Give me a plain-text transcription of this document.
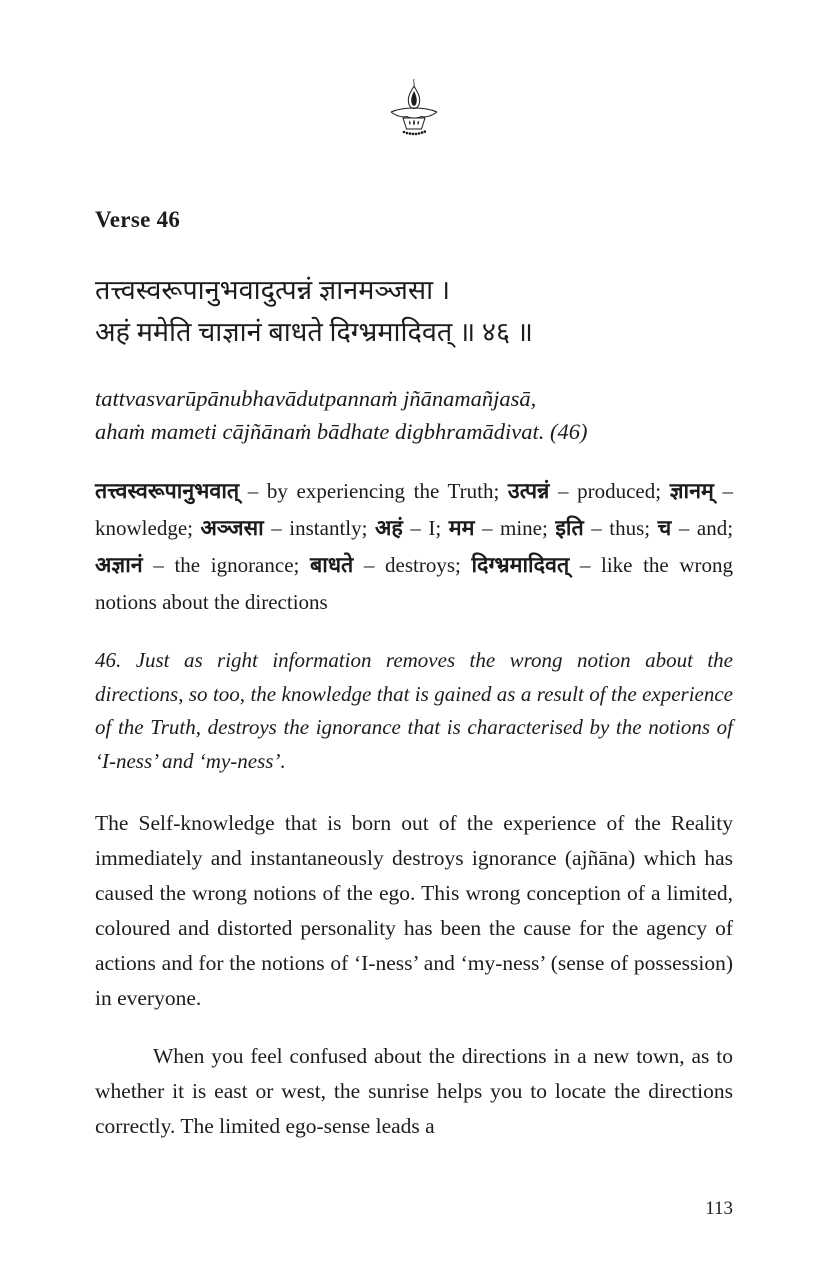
Verse 46
तत्त्वस्वरूपानुभवादुत्पन्नं ज्ञानमञ्जसा ।
अहं ममेति चाज्ञानं बाधते दिग्भ्रमादिवत् ॥ ४६ ॥
tattvasvarūpānubhavādutpannaṁ jñānamañjasā,
ahaṁ mameti cājñānaṁ bādhate digbhramādivat. (46)

तत्त्वस्वरूपानुभवात् – by experiencing the Truth; उत्पन्नं – produced; ज्ञानम् – knowledge; अञ्जसा – instantly; अहं – I; मम – mine; इति – thus; च – and; अज्ञानं – the ignorance; बाधते – destroys; दिग्भ्रमादिवत् – like the wrong notions about the directions

46. Just as right information removes the wrong notion about the directions, so too, the knowledge that is gained as a result of the experience of the Truth, destroys the ignorance that is characterised by the notions of ‘I-ness’ and ‘my-ness’.

The Self-knowledge that is born out of the experience of the Reality immediately and instantaneously destroys ignorance (ajñāna) which has caused the wrong notions of the ego. This wrong conception of a limited, coloured and distorted personality has been the cause for the agency of actions and for the notions of ‘I-ness’ and ‘my-ness’ (sense of possession) in everyone.

When you feel confused about the directions in a new town, as to whether it is east or west, the sunrise helps you to locate the directions correctly. The limited ego-sense leads a

113
